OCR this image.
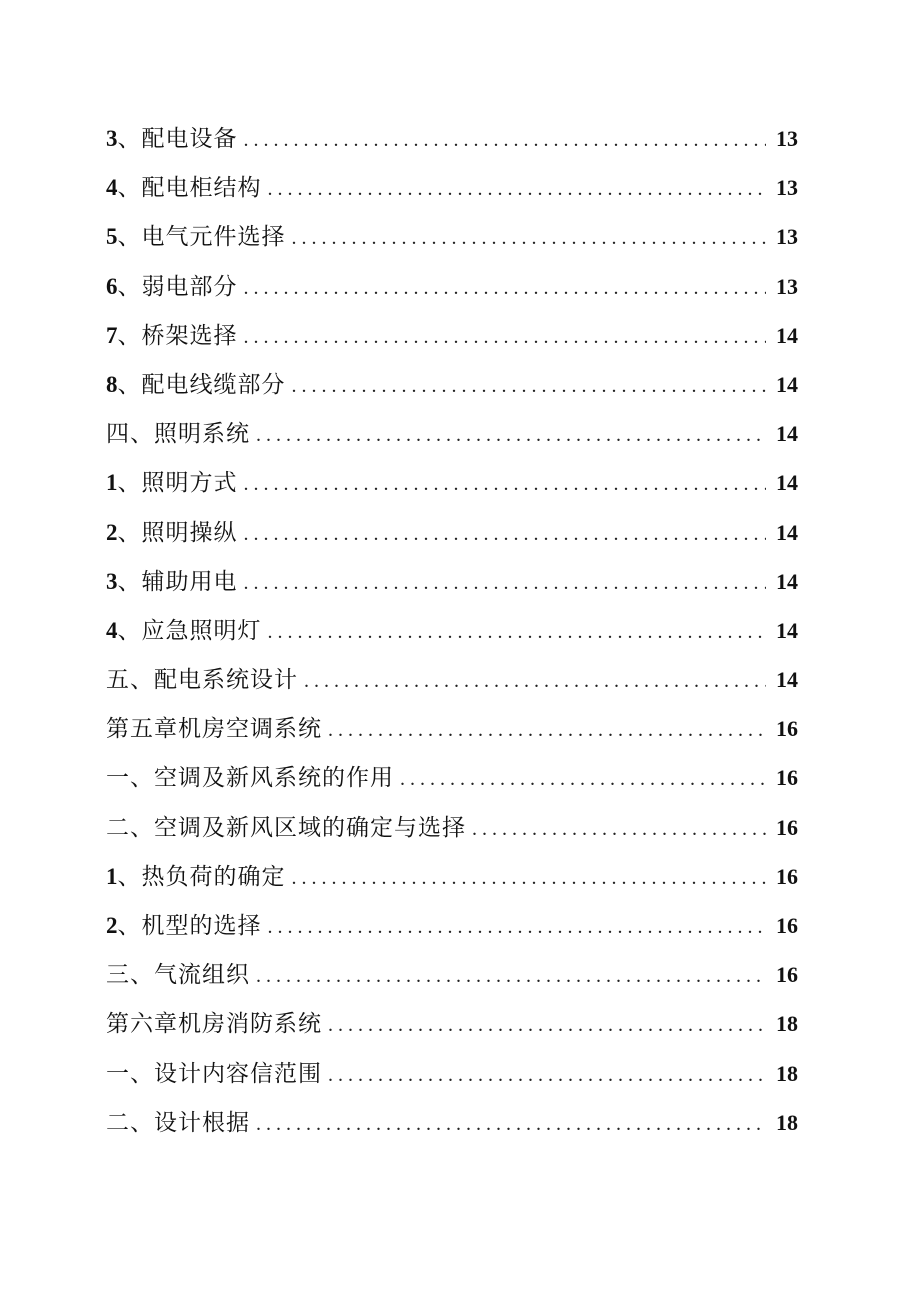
3 、配电设备 .....	13
4 、配电柜结构 .....	13
5 、电气元件选择 .....	13
6 、弱电部分 .....	13
7 、桥架选择 .....	14
8 、配电线缆部分 .....	14
四、照明系统 .....	14
1 、照明方式 .....	14
2 、照明操纵 .....	14
3 、辅助用电 .....	14
4 、应急照明灯 .....	14
五、配电系统设计 .....	14
第五章机房空调系统 .....	16
一、空调及新风系统的作用 .....	16
二、空调及新风区域的确定与选择 .....	16
1 、热负荷的确定 .....	16
2 、机型的选择 .....	16
三、气流组织 .....	16
第六章机房消防系统 .....	18
一、设计内容信范围 .....	18
二、设计根据 .....	18
